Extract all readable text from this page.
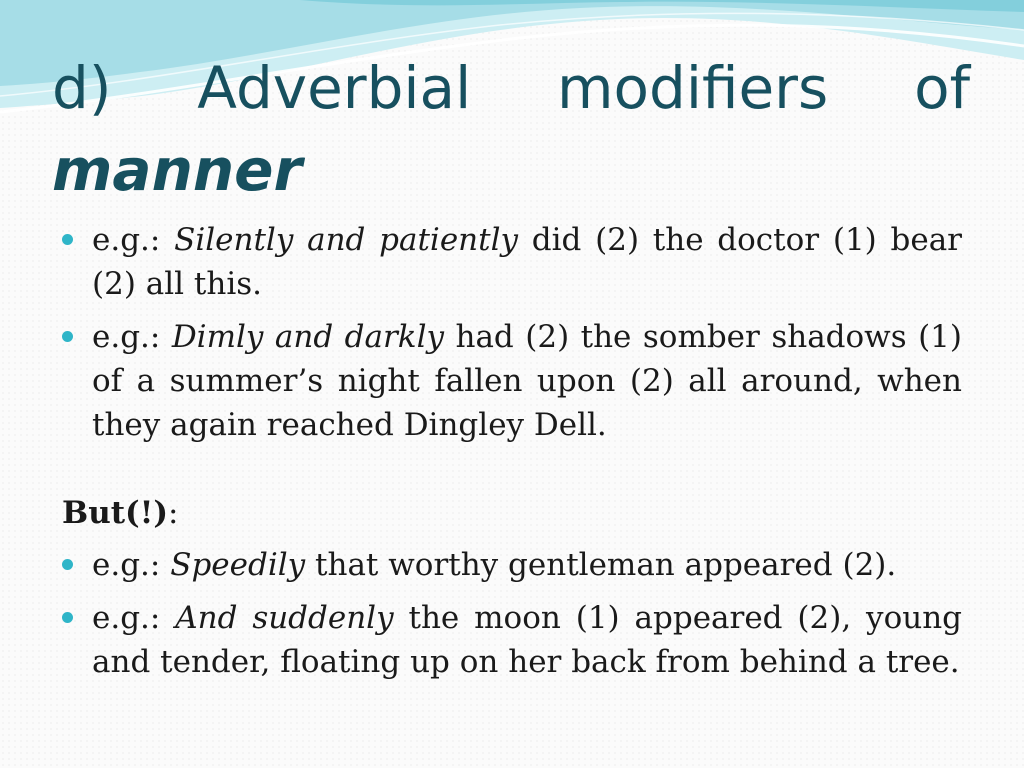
d) Adverbial modifiers of
manner
e.g.: Silently and patiently did (2) the doctor (1) bear (2) all this.
e.g.: Dimly and darkly had (2) the somber shadows (1) of a summer’s night fallen upon (2) all around, when they again reached Dingley Dell.
But(!):
e.g.: Speedily that worthy gentleman appeared (2).
e.g.: And suddenly the moon (1) appeared (2), young and tender, floating up on her back from behind a tree.
